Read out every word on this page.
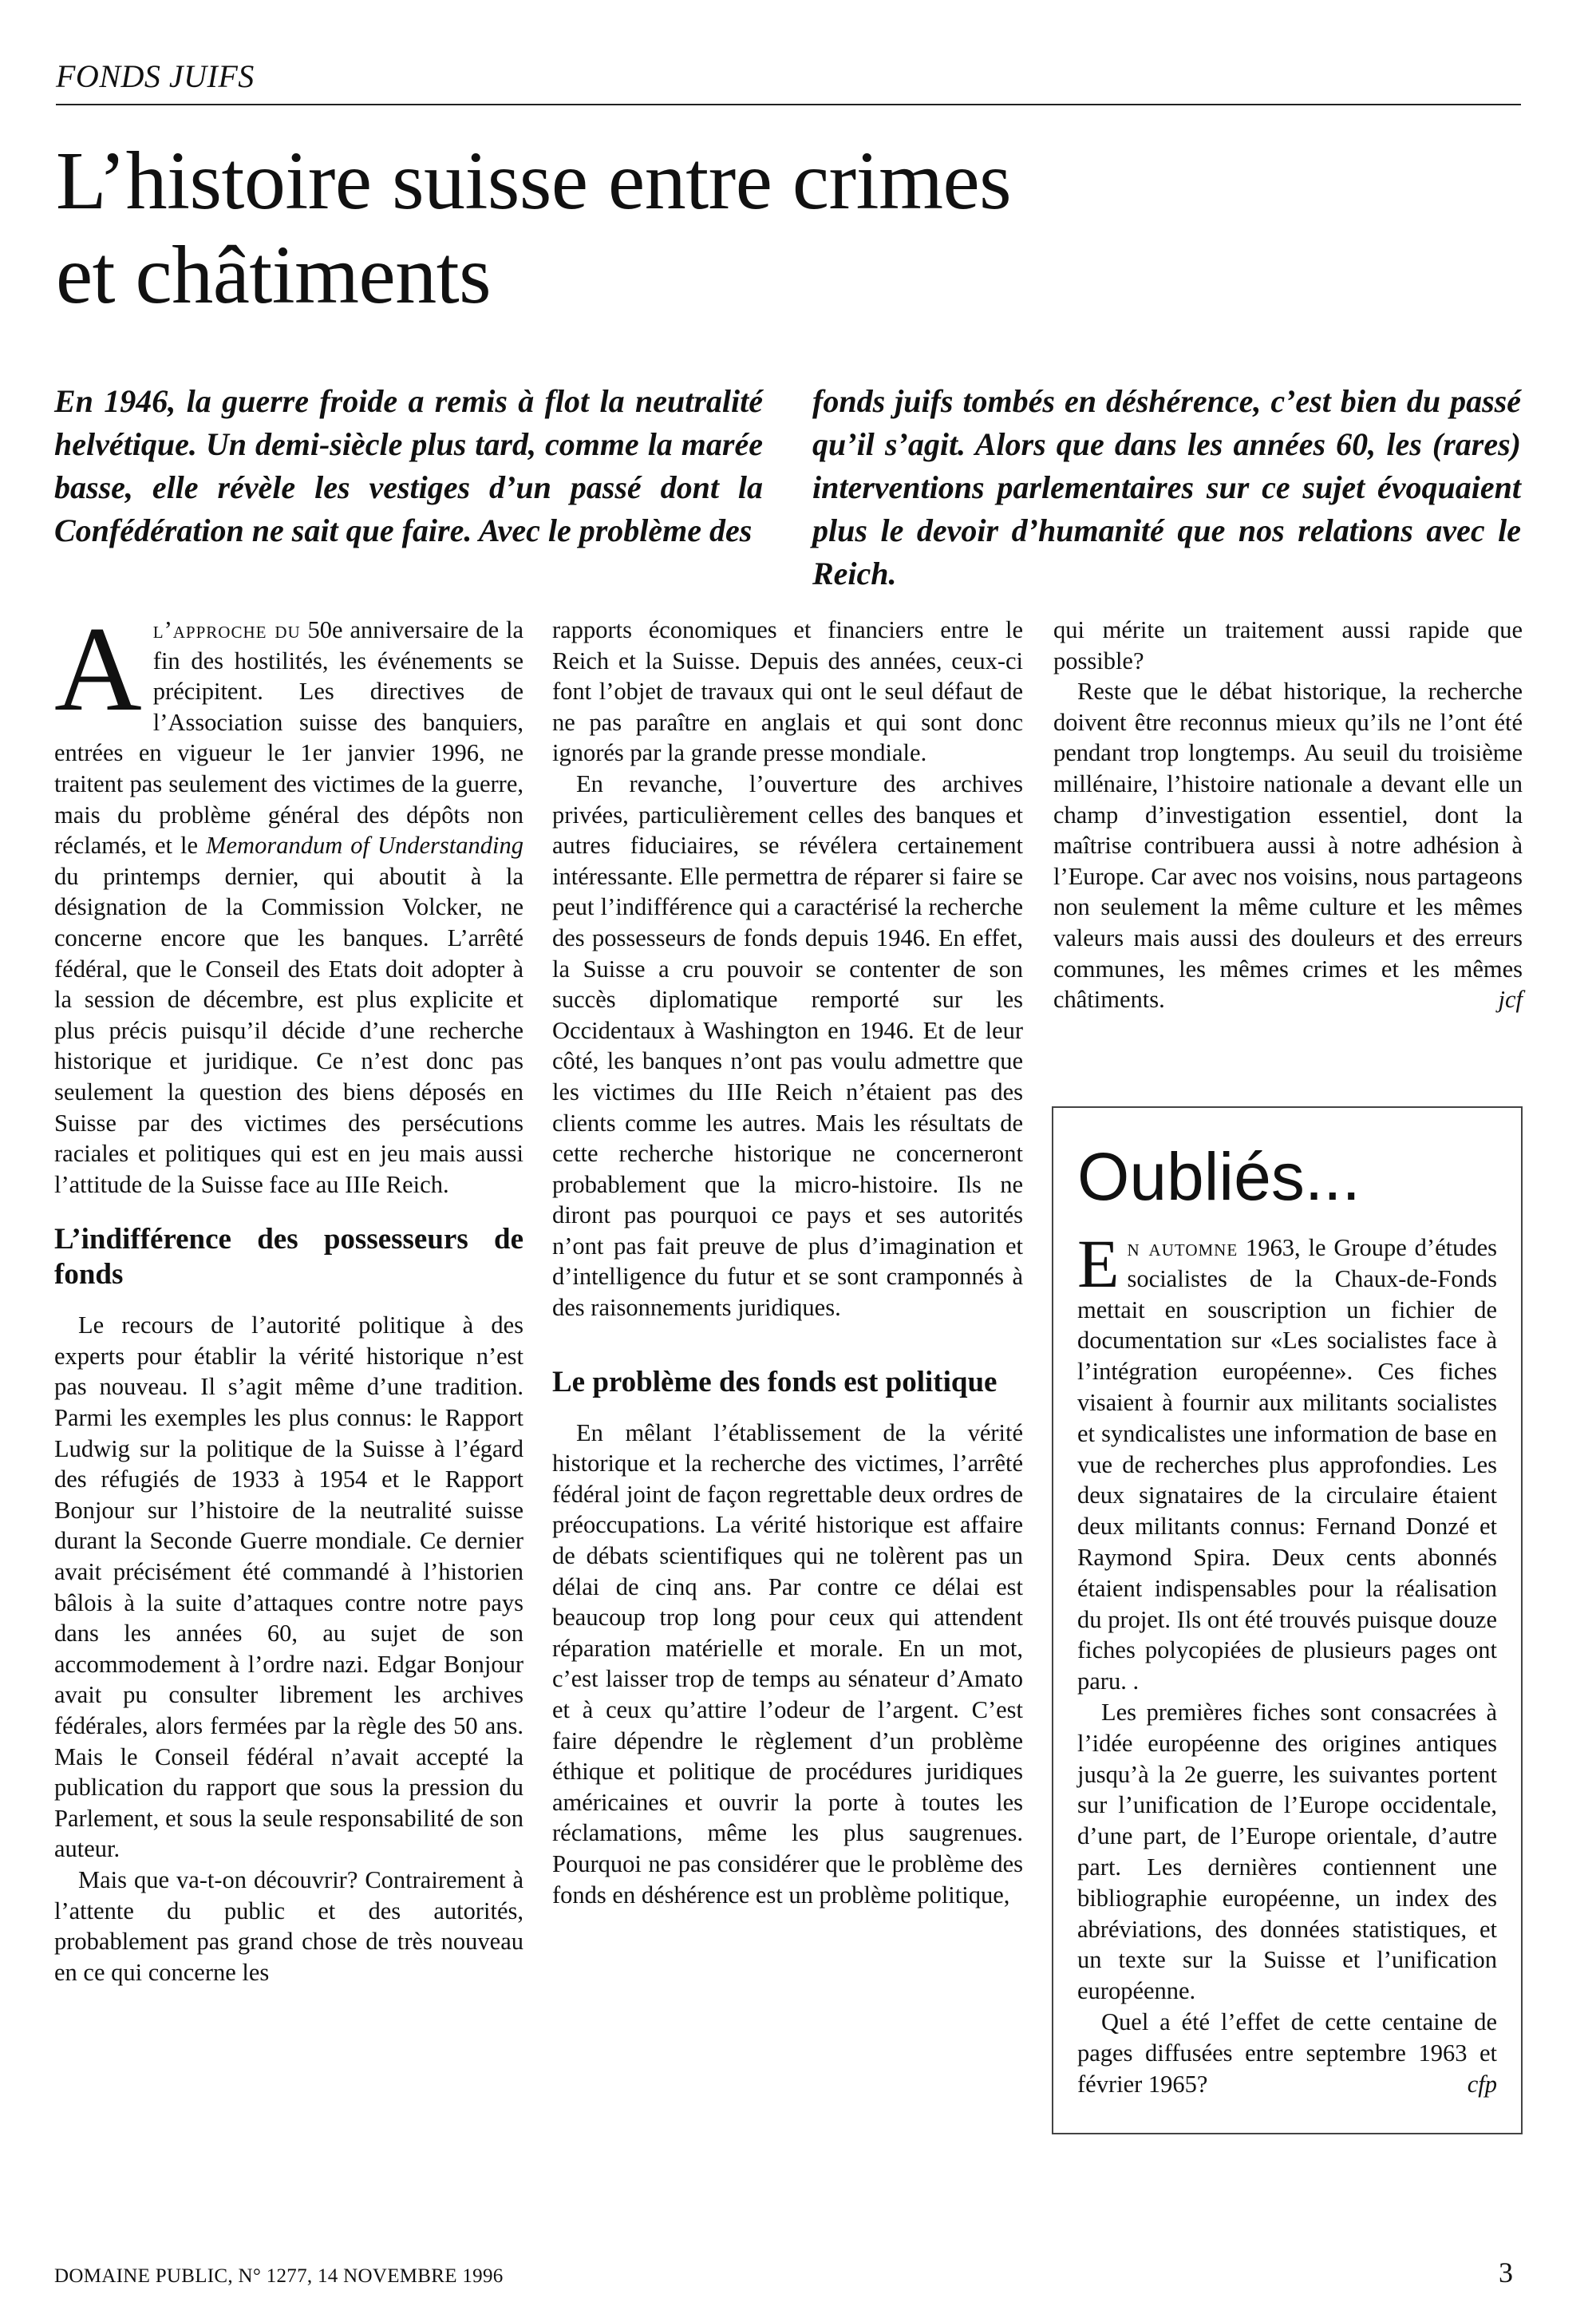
FONDS JUIFS
L’histoire suisse entre crimes
et châtiments

En 1946, la guerre froide a remis à flot la neutralité helvétique. Un demi-siècle plus tard, comme la marée basse, elle révèle les vestiges d’un passé dont la Confédération ne sait que faire. Avec le problème des

fonds juifs tombés en déshérence, c’est bien du passé qu’il s’agit. Alors que dans les années 60, les (rares) interventions parlementaires sur ce sujet évoquaient plus le devoir d’humanité que nos relations avec le Reich.

Al’approche du 50e anniversaire de la fin des hostilités, les événements se précipitent. Les directives de l’Association suisse des banquiers, entrées en vigueur le 1er janvier 1996, ne traitent pas seulement des victimes de la guerre, mais du problème général des dépôts non réclamés, et le Memorandum of Understanding du printemps dernier, qui aboutit à la désignation de la Commission Volcker, ne concerne encore que les banques. L’arrêté fédéral, que le Conseil des Etats doit adopter à la session de décembre, est plus explicite et plus précis puisqu’il décide d’une recherche historique et juridique. Ce n’est donc pas seulement la question des biens déposés en Suisse par des victimes des persécutions raciales et politiques qui est en jeu mais aussi l’attitude de la Suisse face au IIIe Reich.

L’indifférence des possesseurs de fonds

Le recours de l’autorité politique à des experts pour établir la vérité historique n’est pas nouveau. Il s’agit même d’une tradition. Parmi les exemples les plus connus: le Rapport Ludwig sur la politique de la Suisse à l’égard des réfugiés de 1933 à 1954 et le Rapport Bonjour sur l’histoire de la neutralité suisse durant la Seconde Guerre mondiale. Ce dernier avait précisément été commandé à l’historien bâlois à la suite d’attaques contre notre pays dans les années 60, au sujet de son accommodement à l’ordre nazi. Edgar Bonjour avait pu consulter librement les archives fédérales, alors fermées par la règle des 50 ans. Mais le Conseil fédéral n’avait accepté la publication du rapport que sous la pression du Parlement, et sous la seule responsabilité de son auteur.

Mais que va-t-on découvrir? Contrairement à l’attente du public et des autorités, probablement pas grand chose de très nouveau en ce qui concerne les

rapports économiques et financiers entre le Reich et la Suisse. Depuis des années, ceux-ci font l’objet de travaux qui ont le seul défaut de ne pas paraître en anglais et qui sont donc ignorés par la grande presse mondiale.

En revanche, l’ouverture des archives privées, particulièrement celles des banques et autres fiduciaires, se révélera certainement intéressante. Elle permettra de réparer si faire se peut l’indifférence qui a caractérisé la recherche des possesseurs de fonds depuis 1946. En effet, la Suisse a cru pouvoir se contenter de son succès diplomatique remporté sur les Occidentaux à Washington en 1946. Et de leur côté, les banques n’ont pas voulu admettre que les victimes du IIIe Reich n’étaient pas des clients comme les autres. Mais les résultats de cette recherche historique ne concerneront probablement que la micro-histoire. Ils ne diront pas pourquoi ce pays et ses autorités n’ont pas fait preuve de plus d’imagination et d’intelligence du futur et se sont cramponnés à des raisonnements juridiques.

Le problème des fonds est politique

En mêlant l’établissement de la vérité historique et la recherche des victimes, l’arrêté fédéral joint de façon regrettable deux ordres de préoccupations. La vérité historique est affaire de débats scientifiques qui ne tolèrent pas un délai de cinq ans. Par contre ce délai est beaucoup trop long pour ceux qui attendent réparation matérielle et morale. En un mot, c’est laisser trop de temps au sénateur d’Amato et à ceux qu’attire l’odeur de l’argent. C’est faire dépendre le règlement d’un problème éthique et politique de procédures juridiques américaines et ouvrir la porte à toutes les réclamations, même les plus saugrenues. Pourquoi ne pas considérer que le problème des fonds en déshérence est un problème politique,

qui mérite un traitement aussi rapide que possible?

Reste que le débat historique, la recherche doivent être reconnus mieux qu’ils ne l’ont été pendant trop longtemps. Au seuil du troisième millénaire, l’histoire nationale a devant elle un champ d’investigation essentiel, dont la maîtrise contribuera aussi à notre adhésion à l’Europe. Car avec nos voisins, nous partageons non seulement la même culture et les mêmes valeurs mais aussi des douleurs et des erreurs communes, les mêmes crimes et les mêmes châtiments.	jcf

Oubliés...

En automne 1963, le Groupe d’études socialistes de la Chaux-de-Fonds mettait en souscription un fichier de documentation sur «Les socialistes face à l’intégration européenne». Ces fiches visaient à fournir aux militants socialistes et syndicalistes une information de base en vue de recherches plus approfondies. Les deux signataires de la circulaire étaient deux militants connus: Fernand Donzé et Raymond Spira. Deux cents abonnés étaient indispensables pour la réalisation du projet. Ils ont été trouvés puisque douze fiches polycopiées de plusieurs pages ont paru. .

Les premières fiches sont consacrées à l’idée européenne des origines antiques jusqu’à la 2e guerre, les suivantes portent sur l’unification de l’Europe occidentale, d’une part, de l’Europe orientale, d’autre part. Les dernières contiennent une bibliographie européenne, un index des abréviations, des données statistiques, et un texte sur la Suisse et l’unification européenne.

Quel a été l’effet de cette centaine de pages diffusées entre septembre 1963 et février 1965?	cfp

DOMAINE PUBLIC, N° 1277, 14 NOVEMBRE 1996	3
